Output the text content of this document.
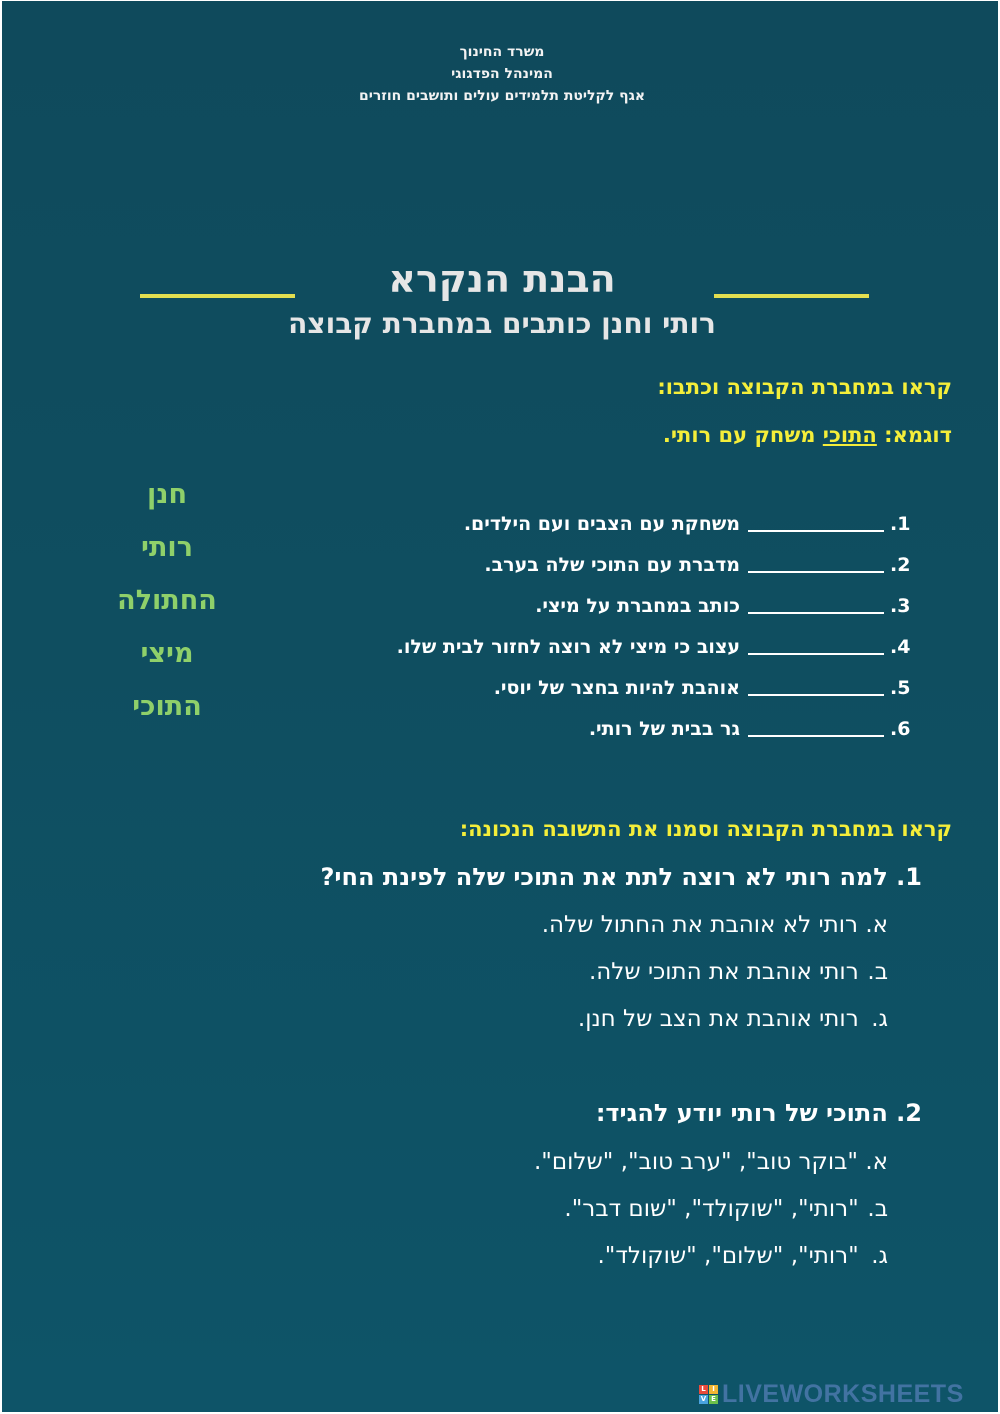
משרד החינוך
המינהל הפדגוגי
אגף לקליטת תלמידים עולים ותושבים חוזרים
הבנת הנקרא
רותי וחנן כותבים במחברת קבוצה
קראו במחברת הקבוצה וכתבו:
דוגמא: התוכי משחק עם רותי.
1.משחקת עם הצבים ועם הילדים.
2.מדברת עם התוכי שלה בערב.
3.כותב במחברת על מיצי.
4.עצוב כי מיצי לא רוצה לחזור לבית שלו.
5.אוהבת להיות בחצר של יוסי.
6.גר בבית של רותי.
חנן
רותי
החתולה
מיצי
התוכי
קראו במחברת הקבוצה וסמנו את התשובה הנכונה:
1. למה רותי לא רוצה לתת את התוכי שלה לפינת החי?
א. רותי לא אוהבת את החתול שלה.
ב. רותי אוהבת את התוכי שלה.
ג. רותי אוהבת את הצב של חנן.
2. התוכי של רותי יודע להגיד:
א. "בוקר טוב", "ערב טוב", "שלום".
ב. "רותי", "שוקולד", "שום דבר".
ג. "רותי", "שלום", "שוקולד".
L I
V E LIVEWORKSHEETS
